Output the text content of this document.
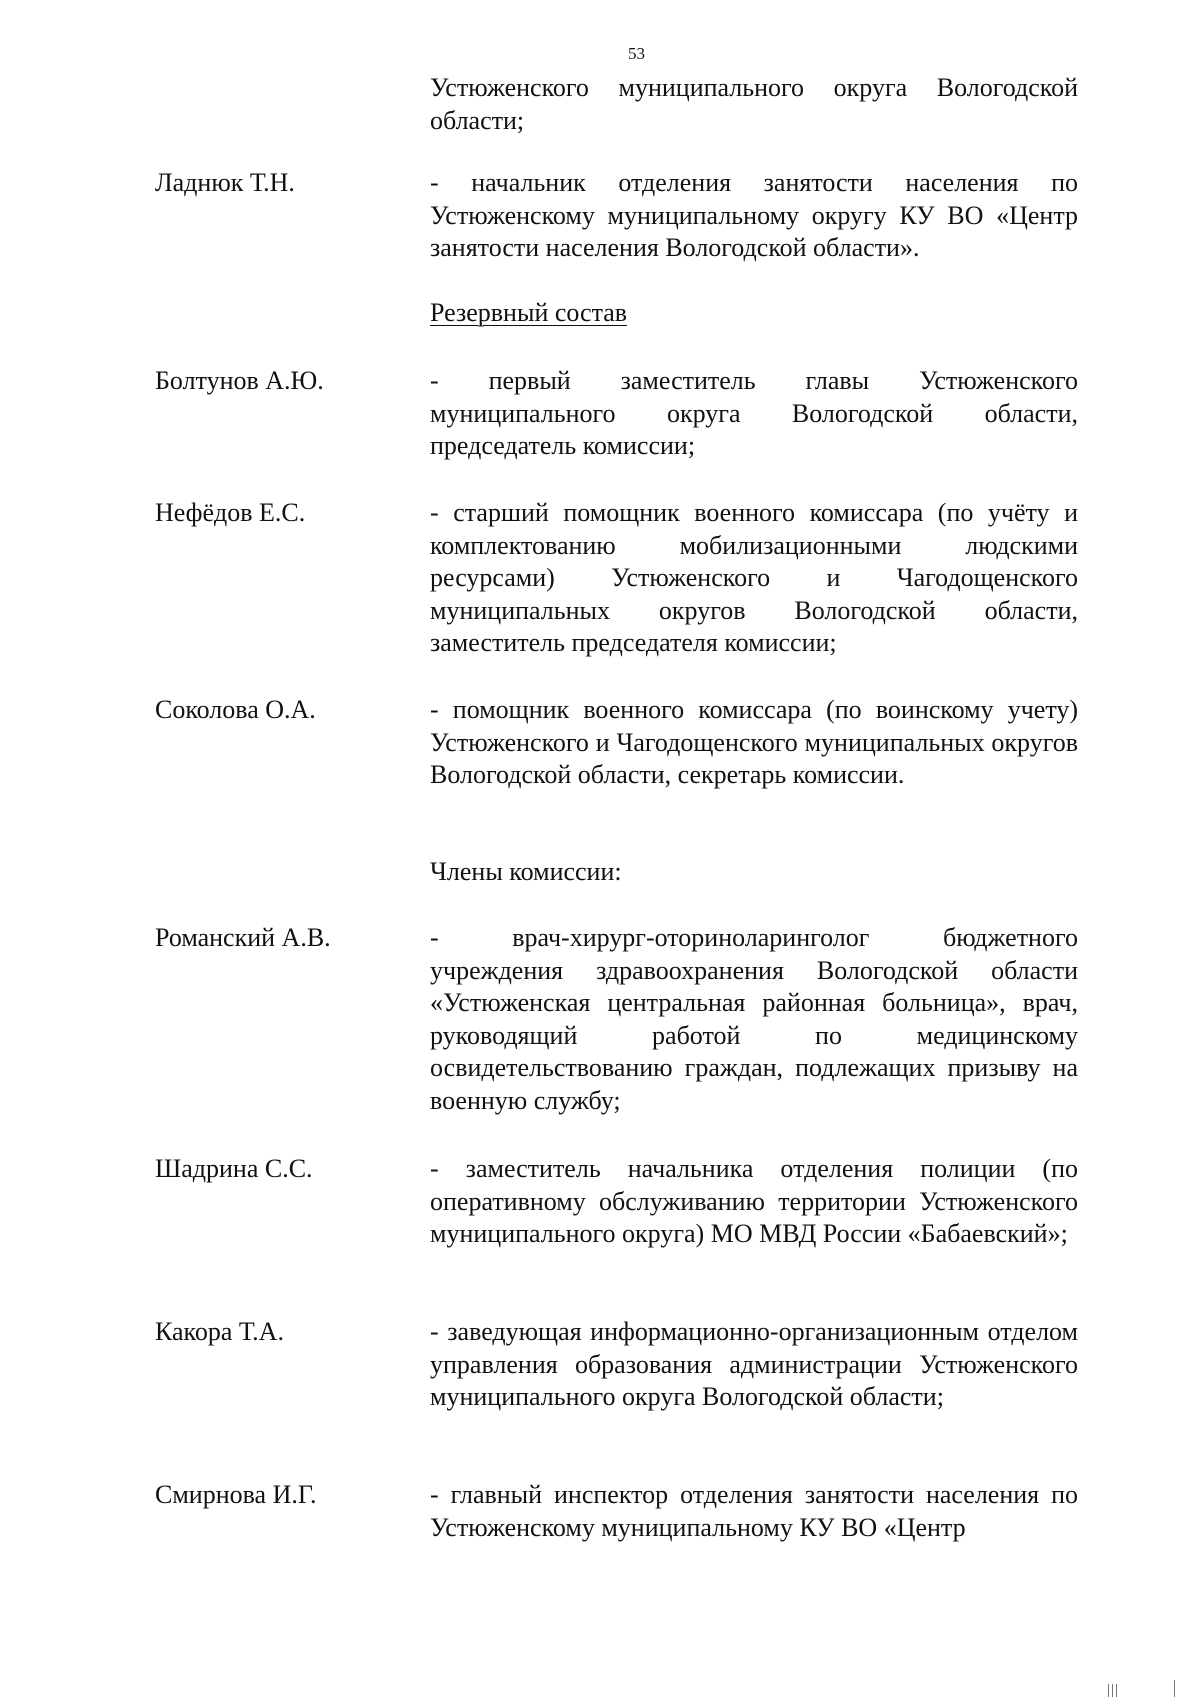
53
Устюженского муниципального округа Вологодской области;
Ладнюк Т.Н.	- начальник отделения занятости населения по Устюженскому муниципальному округу КУ ВО «Центр занятости населения Вологодской области».
Резервный состав
Болтунов А.Ю.	- первый заместитель главы Устюженского муниципального округа Вологодской области, председатель комиссии;
Нефёдов Е.С.	- старший помощник военного комиссара (по учёту и комплектованию мобилизационными людскими ресурсами) Устюженского и Чагодощенского муниципальных округов Вологодской области, заместитель председателя комиссии;
Соколова О.А.	- помощник военного комиссара (по воинскому учету) Устюженского и Чагодощенского муниципальных округов Вологодской области, секретарь комиссии.
Члены комиссии:
Романский А.В.	- врач-хирург-оториноларинголог бюджетного учреждения здравоохранения Вологодской области «Устюженская центральная районная больница», врач, руководящий работой по медицинскому освидетельствованию граждан, подлежащих призыву на военную службу;
Шадрина С.С.	- заместитель начальника отделения полиции (по оперативному обслуживанию территории Устюженского муниципального округа) МО МВД России «Бабаевский»;
Какора Т.А.	- заведующая информационно-организационным отделом управления образования администрации Устюженского муниципального округа Вологодской области;
Смирнова И.Г.	- главный инспектор отделения занятости населения по Устюженскому муниципальному КУ ВО «Центр
